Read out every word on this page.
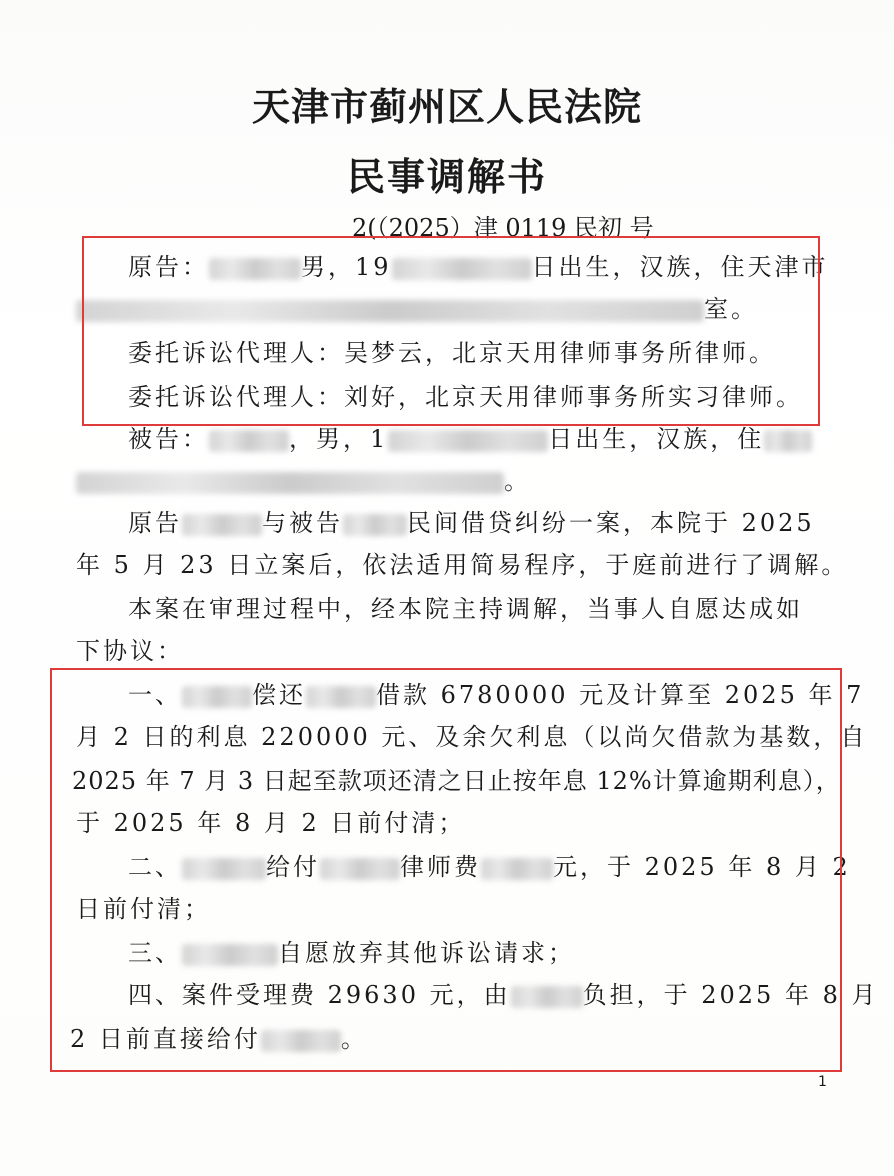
天津市蓟州区人民法院
民事调解书
2(（2025）津 0119 民初 号
原告：	男，19	日出生，汉族，住天津市
室。
委托诉讼代理人：吴梦云，北京天用律师事务所律师。
委托诉讼代理人：刘好，北京天用律师事务所实习律师。
被告：	，男，1	日出生，汉族，住
。
原告	与被告	民间借贷纠纷一案，本院于 2025
年 5 月 23 日立案后，依法适用简易程序，于庭前进行了调解。
本案在审理过程中，经本院主持调解，当事人自愿达成如
下协议：
一、	偿还	借款 6780000 元及计算至 2025 年 7
月 2 日的利息 220000 元、及余欠利息（以尚欠借款为基数，自
2025 年 7 月 3 日起至款项还清之日止按年息 12%计算逾期利息），
于 2025 年 8 月 2 日前付清；
二、	给付	律师费	元，于 2025 年 8 月 2
日前付清；
三、	自愿放弃其他诉讼请求；
四、案件受理费 29630 元，由	负担，于 2025 年 8 月
2 日前直接给付	。
1
